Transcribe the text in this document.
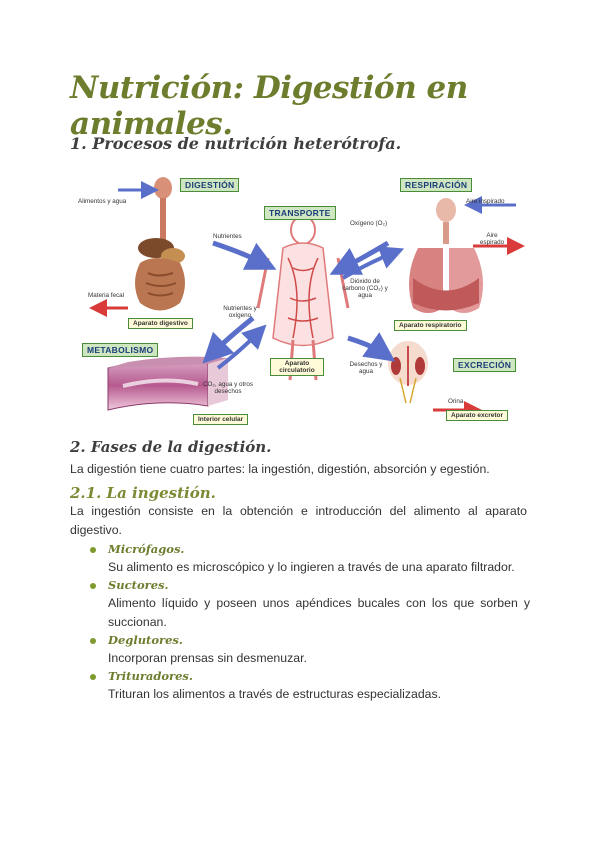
Nutrición: Digestión en animales.
1. Procesos de nutrición heterótrofa.
DIGESTIÓN
TRANSPORTE
RESPIRACIÓN
METABOLISMO
EXCRECIÓN
Aparato digestivo
Aparato circulatorio
Aparato respiratorio
Interior celular
Aparato excretor
Alimentos y agua
Materia fecal
Nutrientes
Nutrientes y oxígeno
CO₂, agua y otros desechos
Oxígeno (O₂)
Dióxido de carbono (CO₂) y agua
Aire inspirado
Aire espirado
Desechos y agua
Orina
2. Fases de la digestión.

La digestión tiene cuatro partes: la ingestión, digestión, absorción y egestión.

2.1. La ingestión.

La ingestión consiste en la obtención e introducción del alimento al aparato digestivo.

Micrófagos.
Su alimento es microscópico y lo ingieren a través de una aparato filtrador.
Suctores.
Alimento líquido y poseen unos apéndices bucales con los que sorben y succionan.
Deglutores.
Incorporan prensas sin desmenuzar.
Trituradores.
Trituran los alimentos a través de estructuras especializadas.
